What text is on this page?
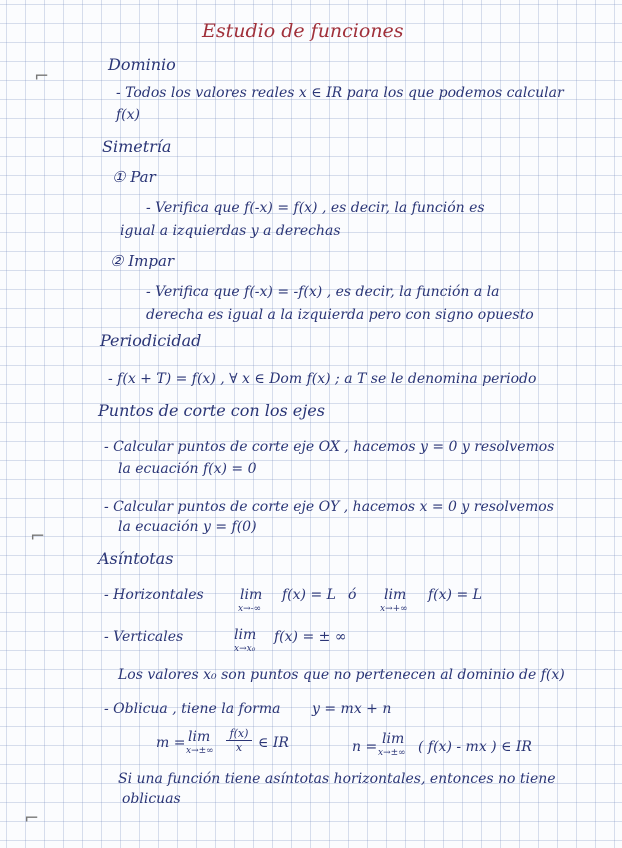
⌐
⌐
⌐
Estudio de funciones
Dominio
- Todos los valores reales x ∈ IR para los que podemos calcular
f(x)
Simetría
① Par
- Verifica que f(-x) = f(x) , es decir, la función es
igual a izquierdas y a derechas
② Impar
- Verifica que f(-x) = -f(x) , es decir, la función a la
derecha es igual a la izquierda pero con signo opuesto
Periodicidad
- f(x + T) = f(x) , ∀ x ∈ Dom f(x) ; a T se le denomina periodo
Puntos de corte con los ejes
- Calcular puntos de corte eje OX , hacemos y = 0 y resolvemos
la ecuación f(x) = 0
- Calcular puntos de corte eje OY , hacemos x = 0 y resolvemos
la ecuación y = f(0)
Asíntotas
- Horizontales	lim
x→-∞
f(x) = L ó lim
x→+∞
f(x) = L
- Verticales	lim
x→x₀
f(x) = ± ∞
Los valores x₀ son puntos que no pertenecen al dominio de f(x)
- Oblicua , tiene la forma y = mx + n
m = lim
x→±∞
f(x)
x	∈ IR	n = lim
x→±∞ ( f(x) - mx ) ∈ IR
Si una función tiene asíntotas horizontales, entonces no tiene
oblicuas
